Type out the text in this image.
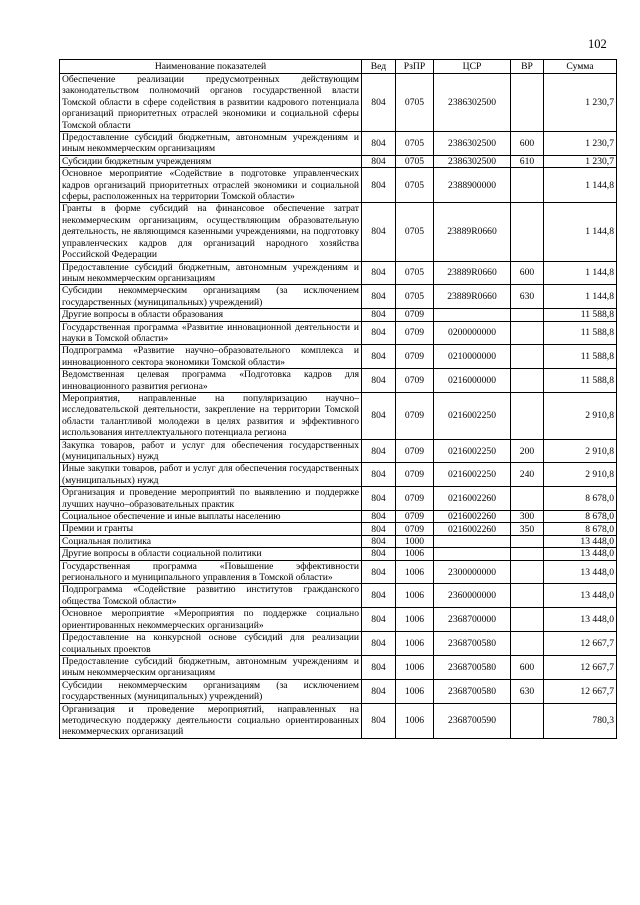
102
Наименование показателей	Вед	РзПР	ЦСР	ВР	Сумма
Обеспечение реализации предусмотренных действующим законодательством полномочий органов государственной власти Томской области в сфере содействия в развитии кадрового потенциала организаций приоритетных отраслей экономики и социальной сферы Томской области	804	0705	2386302500		1 230,7
Предоставление субсидий бюджетным, автономным учреждениям и иным некоммерческим организациям	804	0705	2386302500	600	1 230,7
Субсидии бюджетным учреждениям	804	0705	2386302500	610	1 230,7
Основное мероприятие «Содействие в подготовке управленческих кадров организаций приоритетных отраслей экономики и социальной сферы, расположенных на территории Томской области»	804	0705	2388900000		1 144,8
Гранты в форме субсидий на финансовое обеспечение затрат некоммерческим организациям, осуществляющим образовательную деятельность, не являющимся казенными учреждениями, на подготовку управленческих кадров для организаций народного хозяйства Российской Федерации	804	0705	23889R0660		1 144,8
Предоставление субсидий бюджетным, автономным учреждениям и иным некоммерческим организациям	804	0705	23889R0660	600	1 144,8
Субсидии некоммерческим организациям (за исключением государственных (муниципальных) учреждений)	804	0705	23889R0660	630	1 144,8
Другие вопросы в области образования	804	0709			11 588,8
Государственная программа «Развитие инновационной деятельности и науки в Томской области»	804	0709	0200000000		11 588,8
Подпрограмма «Развитие научно–образовательного комплекса и инновационного сектора экономики Томской области»	804	0709	0210000000		11 588,8
Ведомственная целевая программа «Подготовка кадров для инновационного развития региона»	804	0709	0216000000		11 588,8
Мероприятия, направленные на популяризацию научно–исследовательской деятельности, закрепление на территории Томской области талантливой молодежи в целях развития и эффективного использования интеллектуального потенциала региона	804	0709	0216002250		2 910,8
Закупка товаров, работ и услуг для обеспечения государственных (муниципальных) нужд	804	0709	0216002250	200	2 910,8
Иные закупки товаров, работ и услуг для обеспечения государственных (муниципальных) нужд	804	0709	0216002250	240	2 910,8
Организация и проведение мероприятий по выявлению и поддержке лучших научно–образовательных практик	804	0709	0216002260		8 678,0
Социальное обеспечение и иные выплаты населению	804	0709	0216002260	300	8 678,0
Премии и гранты	804	0709	0216002260	350	8 678,0
Социальная политика	804	1000			13 448,0
Другие вопросы в области социальной политики	804	1006			13 448,0
Государственная программа «Повышение эффективности регионального и муниципального управления в Томской области»	804	1006	2300000000		13 448,0
Подпрограмма «Содействие развитию институтов гражданского общества Томской области»	804	1006	2360000000		13 448,0
Основное мероприятие «Мероприятия по поддержке социально ориентированных некоммерческих организаций»	804	1006	2368700000		13 448,0
Предоставление на конкурсной основе субсидий для реализации социальных проектов	804	1006	2368700580		12 667,7
Предоставление субсидий бюджетным, автономным учреждениям и иным некоммерческим организациям	804	1006	2368700580	600	12 667,7
Субсидии некоммерческим организациям (за исключением государственных (муниципальных) учреждений)	804	1006	2368700580	630	12 667,7
Организация и проведение мероприятий, направленных на методическую поддержку деятельности социально ориентированных некоммерческих организаций	804	1006	2368700590		780,3
